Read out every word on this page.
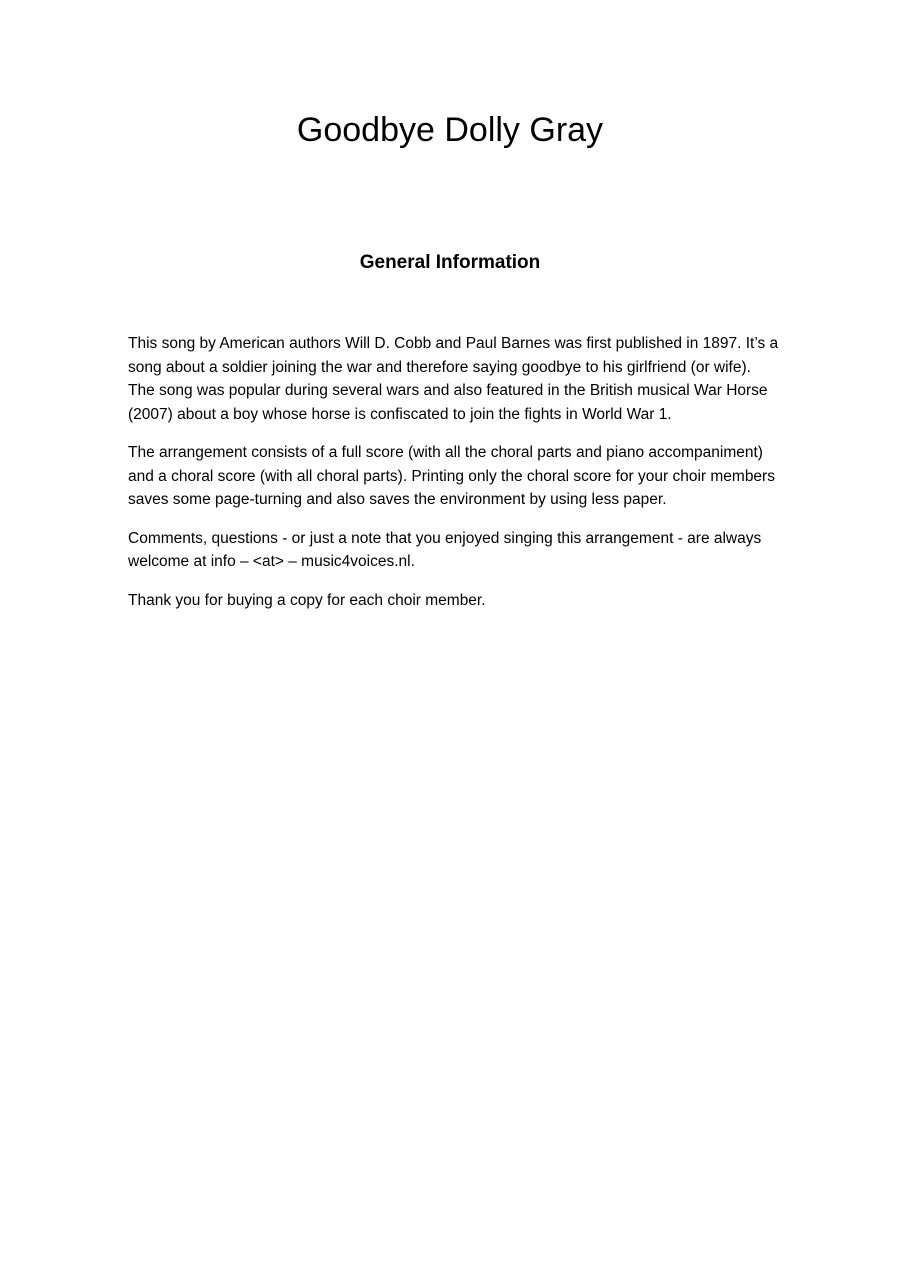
Goodbye Dolly Gray
General Information

This song by American authors Will D. Cobb and Paul Barnes was first published in 1897. It’s a song about a soldier joining the war and therefore saying goodbye to his girlfriend (or wife). The song was popular during several wars and also featured in the British musical War Horse (2007) about a boy whose horse is confiscated to join the fights in World War 1.

The arrangement consists of a full score (with all the choral parts and piano accompaniment) and a choral score (with all choral parts). Printing only the choral score for your choir members saves some page-turning and also saves the environment by using less paper.

Comments, questions - or just a note that you enjoyed singing this arrangement - are always welcome at info – <at> – music4voices.nl.

Thank you for buying a copy for each choir member.
